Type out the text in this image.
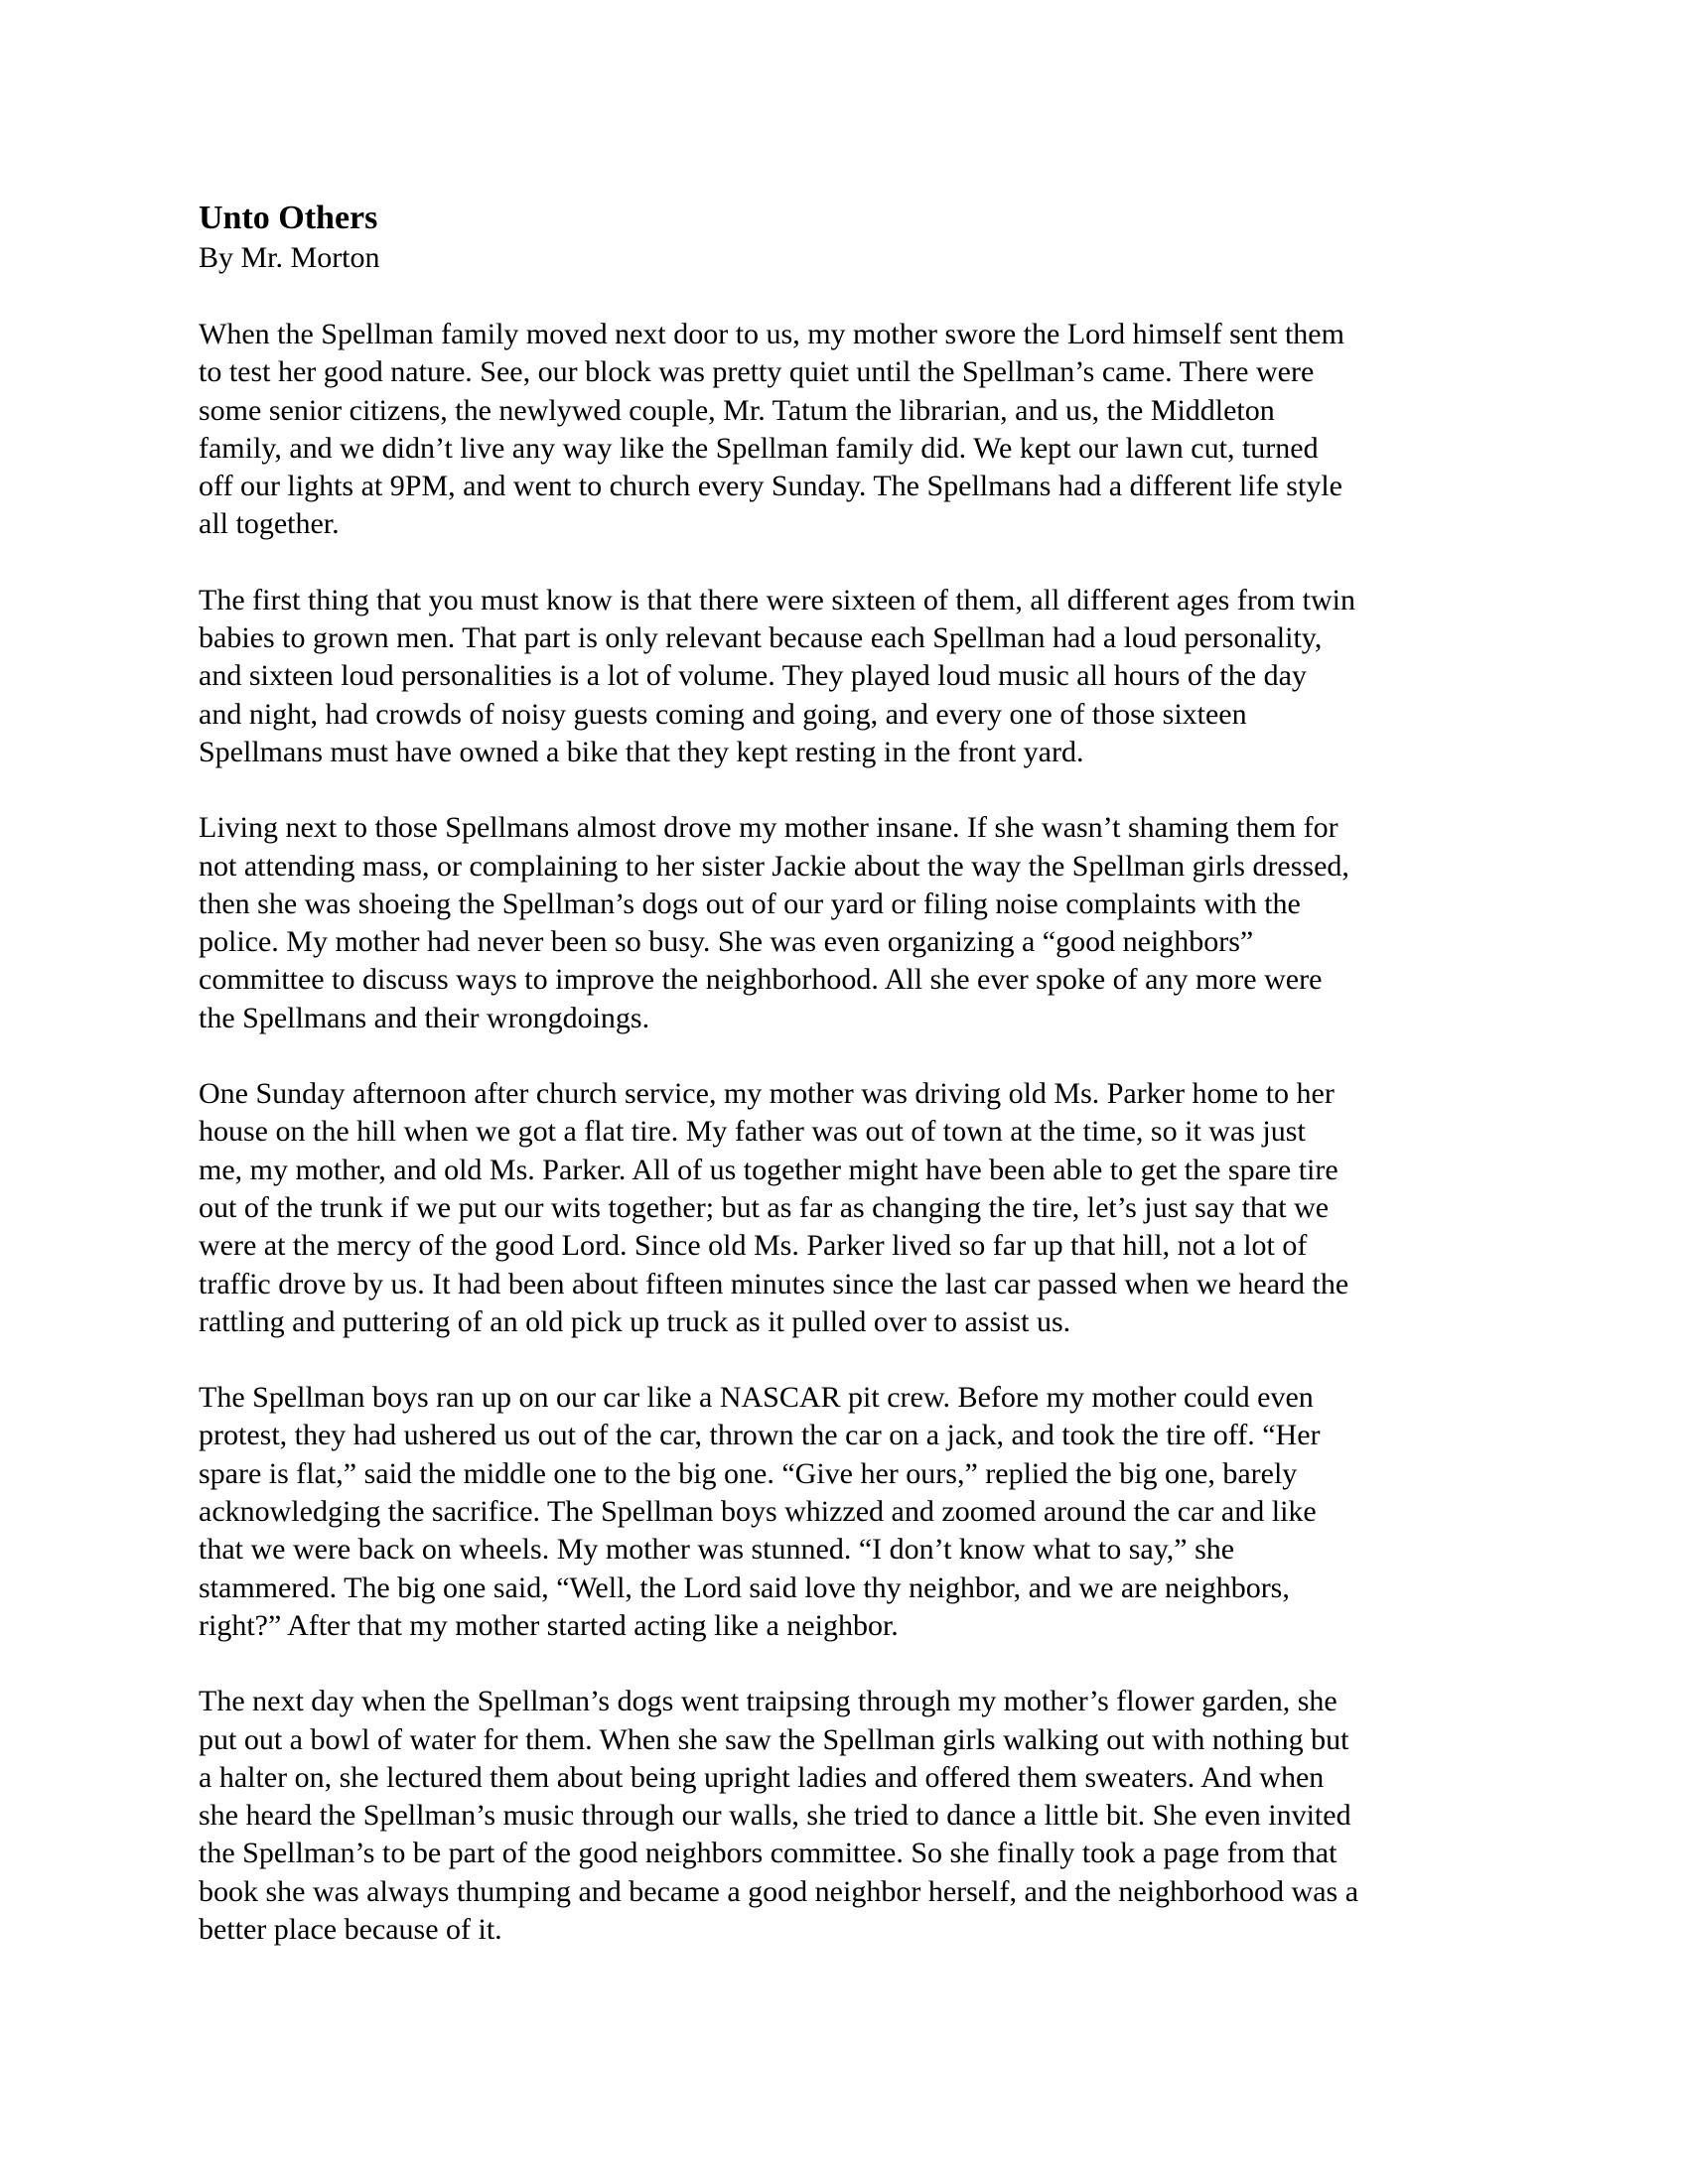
Unto Others

By Mr. Morton

When the Spellman family moved next door to us, my mother swore the Lord himself sent them
to test her good nature. See, our block was pretty quiet until the Spellman’s came. There were
some senior citizens, the newlywed couple, Mr. Tatum the librarian, and us, the Middleton
family, and we didn’t live any way like the Spellman family did. We kept our lawn cut, turned
off our lights at 9PM, and went to church every Sunday. The Spellmans had a different life style
all together.

The first thing that you must know is that there were sixteen of them, all different ages from twin
babies to grown men. That part is only relevant because each Spellman had a loud personality,
and sixteen loud personalities is a lot of volume. They played loud music all hours of the day
and night, had crowds of noisy guests coming and going, and every one of those sixteen
Spellmans must have owned a bike that they kept resting in the front yard.

Living next to those Spellmans almost drove my mother insane. If she wasn’t shaming them for
not attending mass, or complaining to her sister Jackie about the way the Spellman girls dressed,
then she was shoeing the Spellman’s dogs out of our yard or filing noise complaints with the
police. My mother had never been so busy. She was even organizing a “good neighbors”
committee to discuss ways to improve the neighborhood. All she ever spoke of any more were
the Spellmans and their wrongdoings.

One Sunday afternoon after church service, my mother was driving old Ms. Parker home to her
house on the hill when we got a flat tire. My father was out of town at the time, so it was just
me, my mother, and old Ms. Parker. All of us together might have been able to get the spare tire
out of the trunk if we put our wits together; but as far as changing the tire, let’s just say that we
were at the mercy of the good Lord. Since old Ms. Parker lived so far up that hill, not a lot of
traffic drove by us. It had been about fifteen minutes since the last car passed when we heard the
rattling and puttering of an old pick up truck as it pulled over to assist us.

The Spellman boys ran up on our car like a NASCAR pit crew. Before my mother could even
protest, they had ushered us out of the car, thrown the car on a jack, and took the tire off. “Her
spare is flat,” said the middle one to the big one. “Give her ours,” replied the big one, barely
acknowledging the sacrifice. The Spellman boys whizzed and zoomed around the car and like
that we were back on wheels. My mother was stunned. “I don’t know what to say,” she
stammered. The big one said, “Well, the Lord said love thy neighbor, and we are neighbors,
right?” After that my mother started acting like a neighbor.

The next day when the Spellman’s dogs went traipsing through my mother’s flower garden, she
put out a bowl of water for them. When she saw the Spellman girls walking out with nothing but
a halter on, she lectured them about being upright ladies and offered them sweaters. And when
she heard the Spellman’s music through our walls, she tried to dance a little bit. She even invited
the Spellman’s to be part of the good neighbors committee. So she finally took a page from that
book she was always thumping and became a good neighbor herself, and the neighborhood was a
better place because of it.
